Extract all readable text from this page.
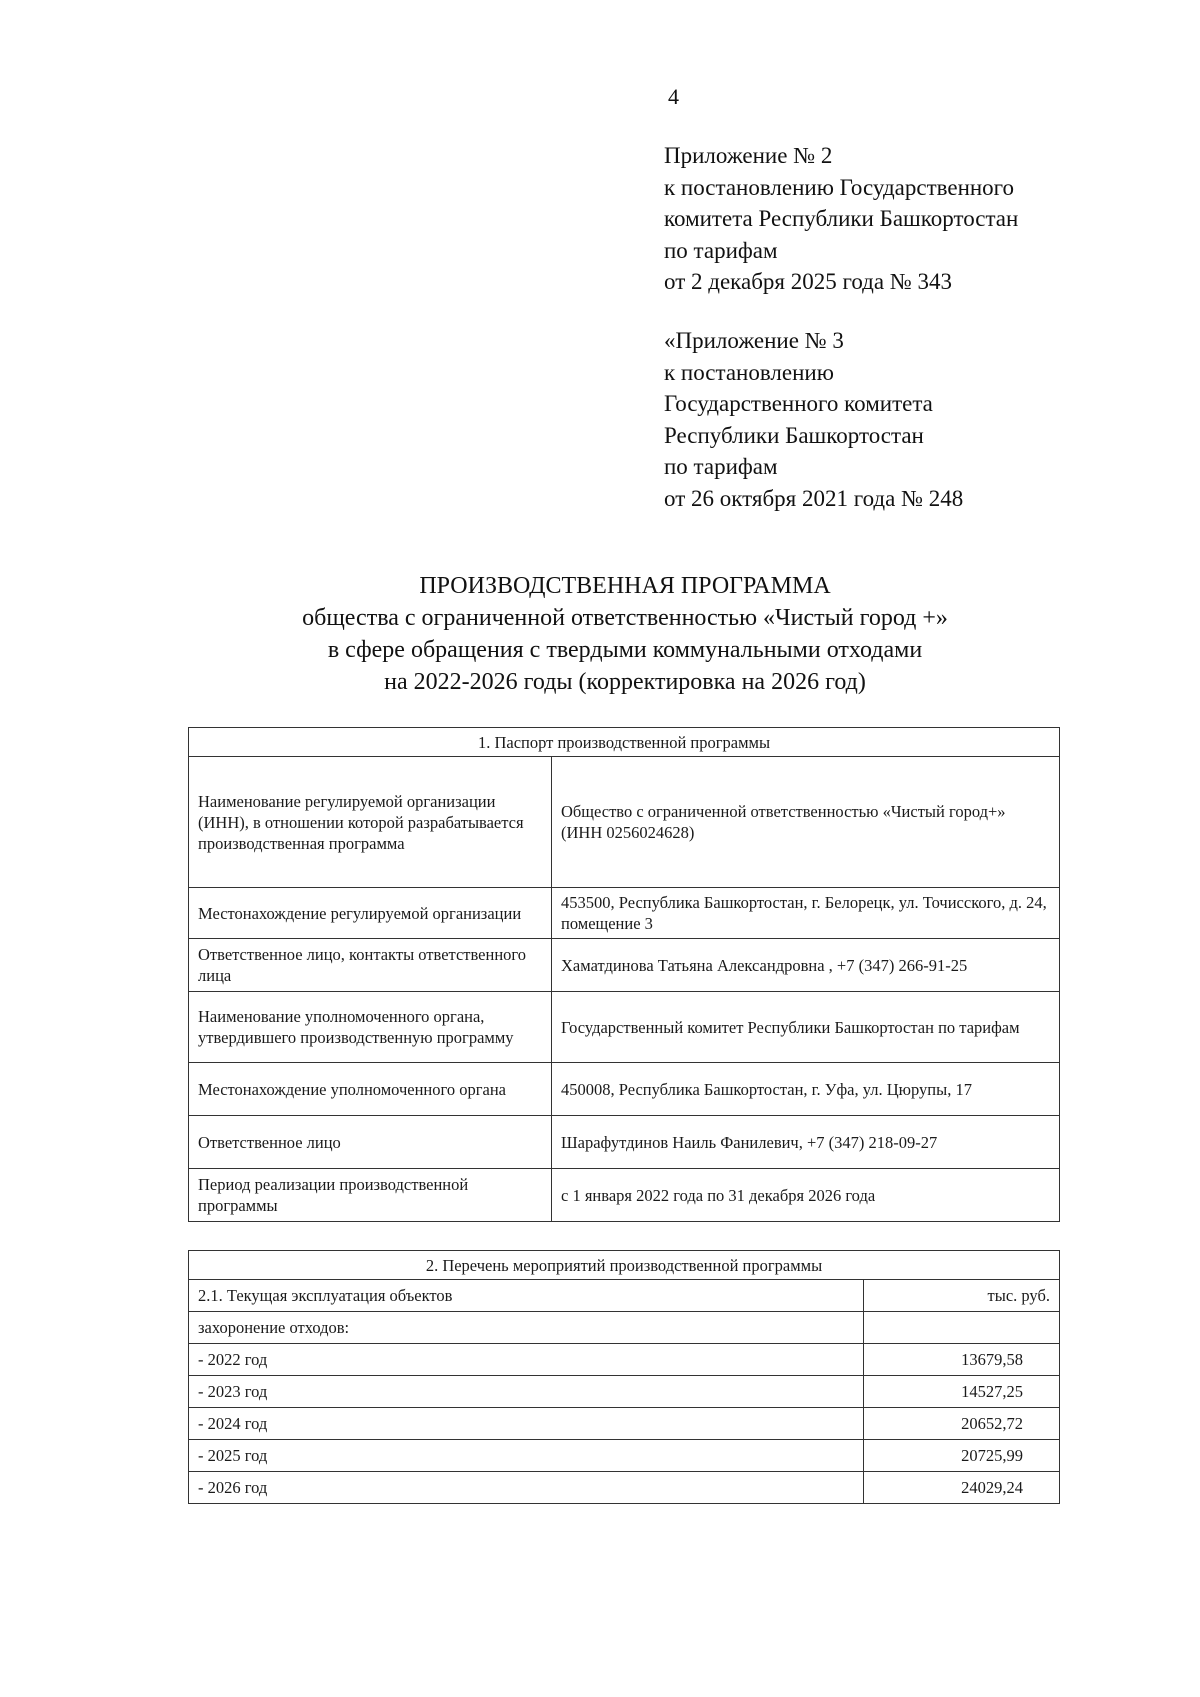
4
Приложение № 2
к постановлению Государственного
комитета Республики Башкортостан
по тарифам
от 2 декабря 2025 года № 343
«Приложение № 3
к постановлению
Государственного комитета
Республики Башкортостан
по тарифам
от 26 октября 2021 года № 248
ПРОИЗВОДСТВЕННАЯ ПРОГРАММА
общества с ограниченной ответственностью «Чистый город +»
в сфере обращения с твердыми коммунальными отходами
на 2022-2026 годы (корректировка на 2026 год)
1. Паспорт производственной программы	
Наименование регулируемой организации (ИНН), в отношении которой разрабатывается производственная программа	Общество с ограниченной ответственностью «Чистый город+» (ИНН 0256024628)
Местонахождение регулируемой организации	453500, Республика Башкортостан, г. Белорецк, ул. Точисского, д. 24, помещение 3
Ответственное лицо, контакты ответственного лица	Хаматдинова Татьяна Александровна , +7 (347) 266-91-25
Наименование уполномоченного органа, утвердившего производственную программу	Государственный комитет Республики Башкортостан по тарифам
Местонахождение уполномоченного органа	450008, Республика Башкортостан, г. Уфа, ул. Цюрупы, 17
Ответственное лицо	Шарафутдинов Наиль Фанилевич, +7 (347) 218-09-27
Период реализации производственной программы	с 1 января 2022 года по 31 декабря 2026 года
2. Перечень мероприятий производственной программы	
2.1. Текущая эксплуатация объектов	тыс. руб.
захоронение отходов:	
- 2022 год	13679,58
- 2023 год	14527,25
- 2024 год	20652,72
- 2025 год	20725,99
- 2026 год	24029,24
